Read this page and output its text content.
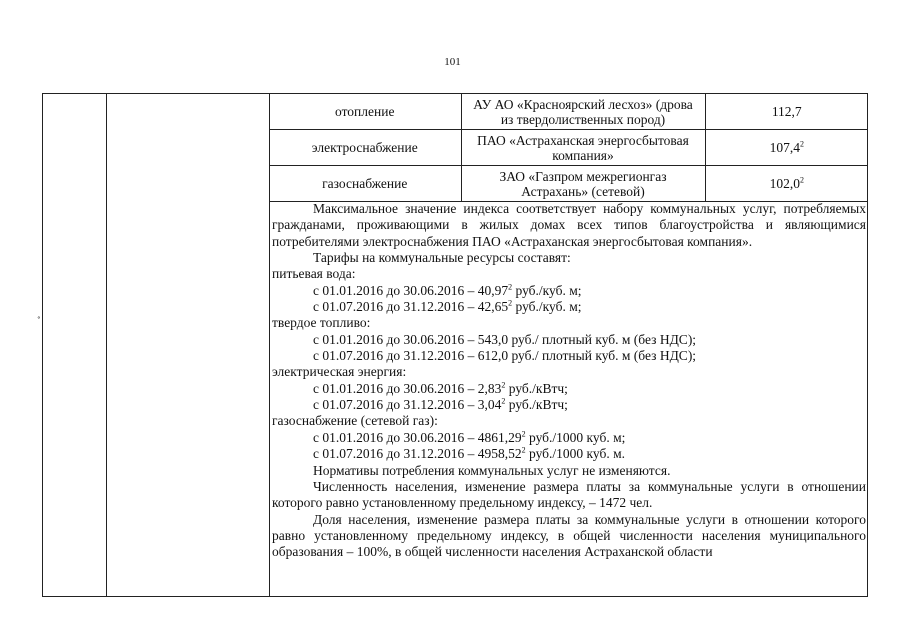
101
˳
отопление	АУ АО «Красноярский лесхоз» (дрова из твердолиственных пород)	112,7
электроснабжение	ПАО «Астраханская энергосбытовая компания»	107,4$^2$
газоснабжение	ЗАО «Газпром межрегионгаз Астрахань» (сетевой)	102,0$^2$

Максимальное значение индекса соответствует набору коммунальных услуг, потребляемых гражданами, проживающими в жилых домах всех типов благоустройства и являющимися потребителями электроснабжения ПАО «Астраханская энергосбытовая компания».

Тарифы на коммунальные ресурсы составят:

питьевая вода:

с 01.01.2016 до 30.06.2016 – 40,97$^2$ руб./куб. м;

с 01.07.2016 до 31.12.2016 – 42,65$^2$ руб./куб. м;

твердое топливо:

с 01.01.2016 до 30.06.2016 – 543,0 руб./ плотный куб. м (без НДС);

с 01.07.2016 до 31.12.2016 – 612,0 руб./ плотный куб. м (без НДС);

электрическая энергия:

с 01.01.2016 до 30.06.2016 – 2,83$^2$ руб./кВтч;

с 01.07.2016 до 31.12.2016 – 3,04$^2$ руб./кВтч;

газоснабжение (сетевой газ):

с 01.01.2016 до 30.06.2016 – 4861,29$^2$ руб./1000 куб. м;

с 01.07.2016 до 31.12.2016 – 4958,52$^2$ руб./1000 куб. м.

Нормативы потребления коммунальных услуг не изменяются.

Численность населения, изменение размера платы за коммунальные услуги в отношении которого равно установленному предельному индексу, – 1472 чел.

Доля населения, изменение размера платы за коммунальные услуги в отношении которого равно установленному предельному индексу, в общей численности населения муниципального образования – 100%, в общей численности населения Астраханской области
